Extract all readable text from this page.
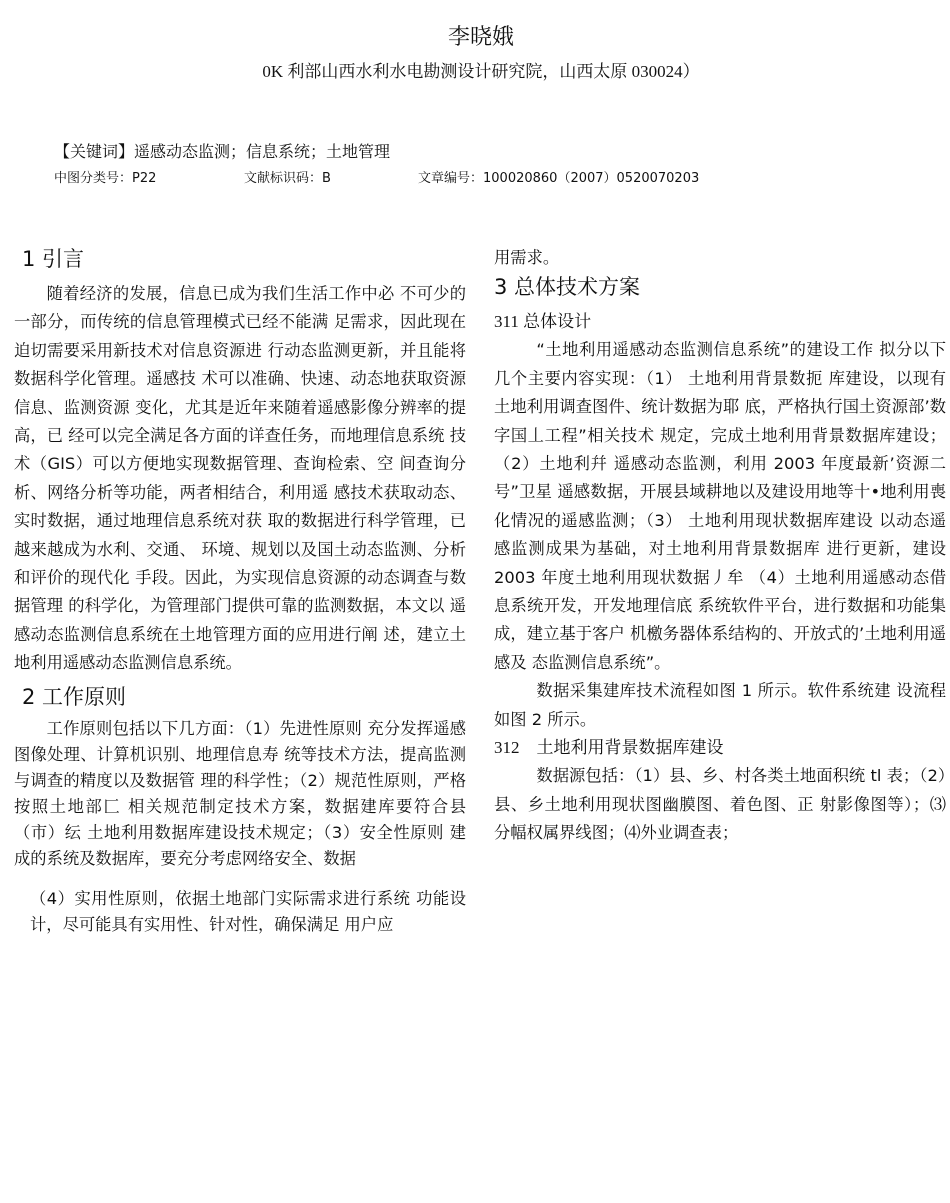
李晓娥
0K 利部山西水利水电勘测设计研究院，山西太原 030024）
【关键词】遥感动态监测；信息系统；土地管理
中图分类号：P22	文献标识码：B	文章编号：100020860（2007）0520070203
1 引言

随着经济的发展，信息已成为我们生活工作中必 不可少的一部分，而传统的信息管理模式已经不能满 足需求，因此现在迫切需要采用新技术对信息资源进 行动态监测更新，并且能将数据科学化管理。遥感技 术可以准确、快速、动态地获取资源信息、监测资源 变化，尤其是近年来随着遥感影像分辨率的提高，已 经可以完全满足各方面的详查任务，而地理信息系统 技术（GIS）可以方便地实现数据管理、查询检索、空 间查询分析、网络分析等功能，两者相结合，利用遥 感技术获取动态、实时数据，通过地理信息系统对获 取的数据进行科学管理，已越来越成为水利、交通、 环境、规划以及国土动态监测、分析和评价的现代化 手段。因此，为实现信息资源的动态调查与数据管理 的科学化，为管理部门提供可靠的监测数据，本文以 遥感动态监测信息系统在土地管理方面的应用进行阐 述，建立土地利用遥感动态监测信息系统。

2 工作原则

工作原则包括以下几方面：（1）先进性原则 充分发挥遥感图像处理、计算机识别、地理信息寿 统等技术方法，提高监测与调查的精度以及数据管 理的科学性；（2）规范性原则，严格按照土地部匚 相关规范制定技术方案，数据建库要符合县（市）纭 土地利用数据库建设技术规定；（3）安全性原则 建成的系统及数据库，要充分考虑网络安全、数据

（4）实用性原则，依据土地部门实际需求进行系统 功能设计，尽可能具有实用性、针对性，确保满足 用户应

用需求。

3 总体技术方案

311 总体设计

“土地利用遥感动态监测信息系统”的建设工作 拟分以下几个主要内容实现：（1） 土地利用背景数扼 库建设，以现有土地利用调查图件、统计数据为耶 底，严格执行国土资源部’数字国丄工程”相关技术 规定，完成土地利用背景数据库建设；（2）土地利幷 遥感动态监测，利用 2003 年度最新’资源二号”卫星 遥感数据，开展县域耕地以及建设用地等十•地利用喪 化情况的遥感监测；（3） 土地利用现状数据库建设 以动态遥感监测成果为基础，对土地利用背景数据库 进行更新，建设 2003 年度土地利用现状数据丿牟 （4）土地利用遥感动态借息系统开发，开发地理信底 系统软件平台，进行数据和功能集成，建立基于客户 机檄务器体系结构的、开放式的’土地利用遥感及 态监测信息系统”。

数据采集建库技术流程如图 1 所示。软件系统建 设流程如图 2 所示。

312　土地利用背景数据库建设

数据源包括：（1）县、乡、村各类土地面积统 tl 表；（2）县、乡土地利用现状图幽膜图、着色图、正 射影像图等）；⑶分幅权属界线图；⑷外业调查表；
